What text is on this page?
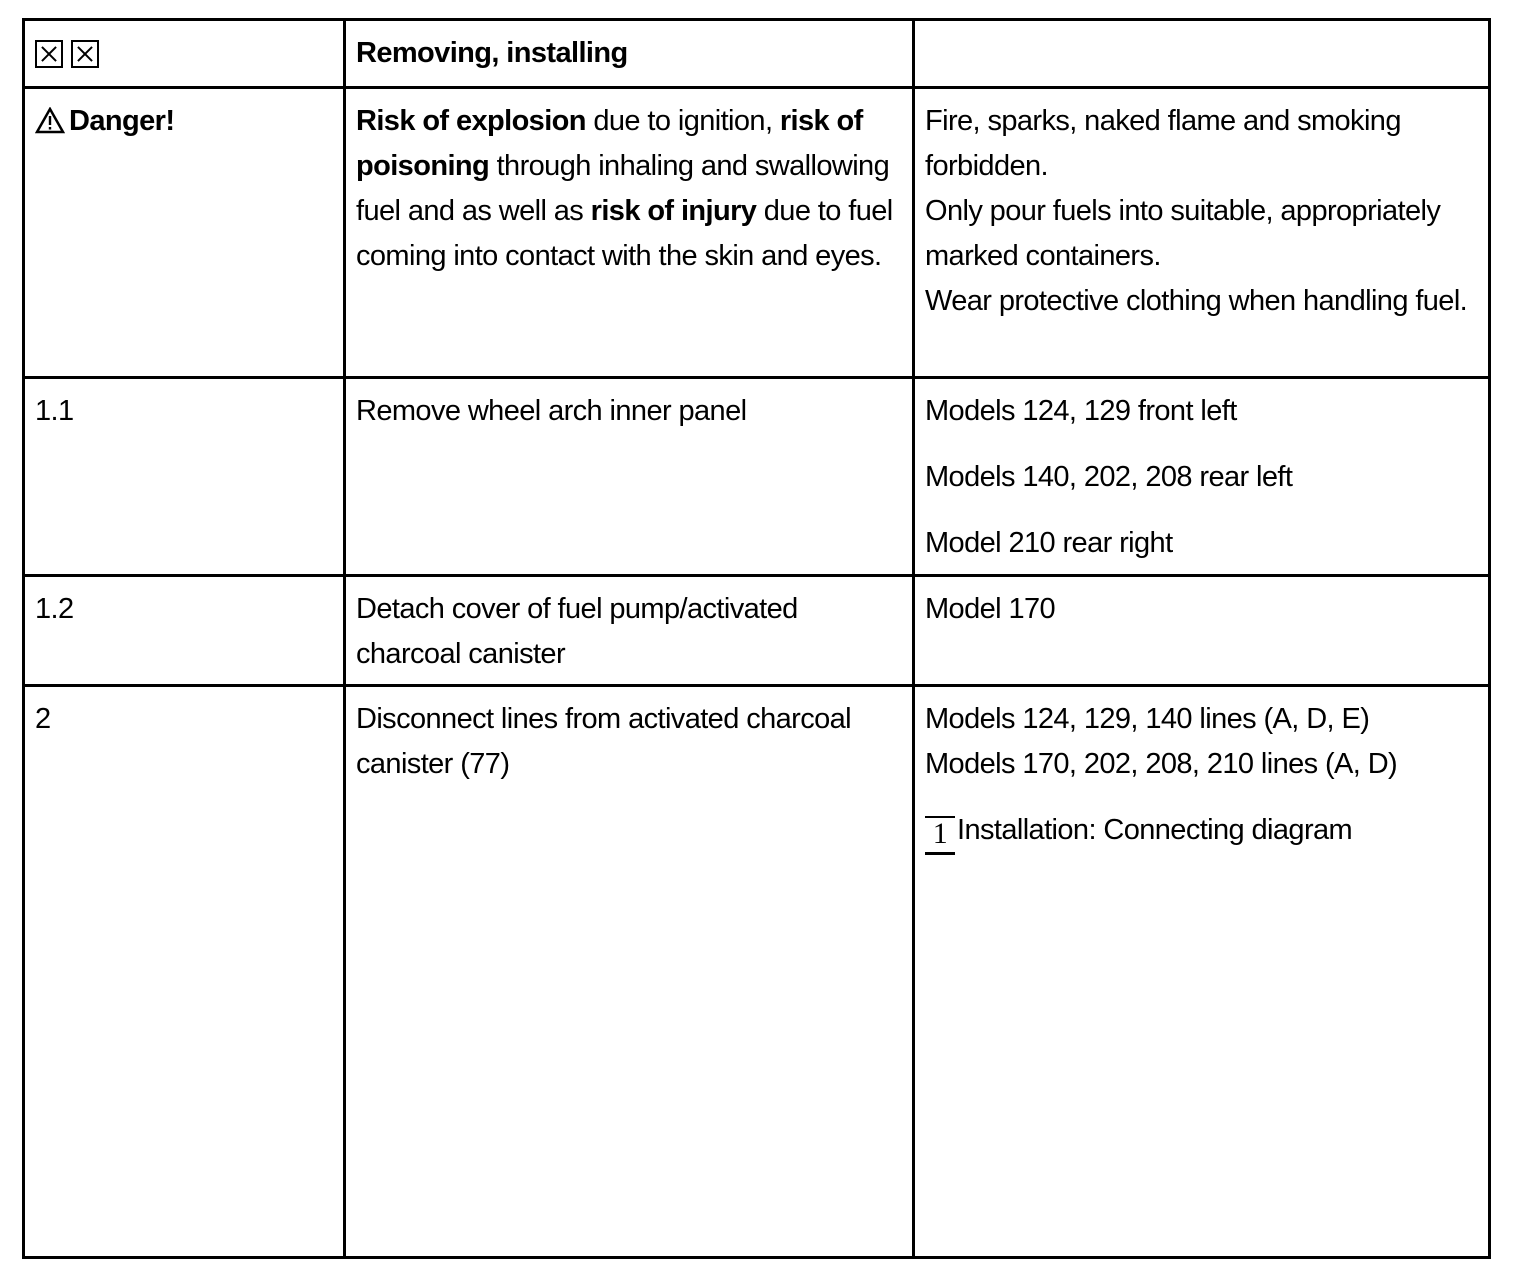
	Removing, installing	
Danger!	Risk of explosion due to ignition, risk of poisoning through inhaling and swallowing fuel and as well as risk of injury due to fuel coming into contact with the skin and eyes.	Fire, sparks, naked flame and smoking forbidden.
Only pour fuels into suitable, appropriately marked containers.
Wear protective clothing when handling fuel.

1.1	Remove wheel arch inner panel	Models 124, 129 front left
Models 140, 202, 208 rear left
Model 210 rear right

1.2	Detach cover of fuel pump/activated charcoal canister	Model 170

2	Disconnect lines from activated charcoal canister (77)	Models 124, 129, 140 lines (A, D, E)
Models 170, 202, 208, 210 lines (A, D)
1 Installation: Connecting diagram
